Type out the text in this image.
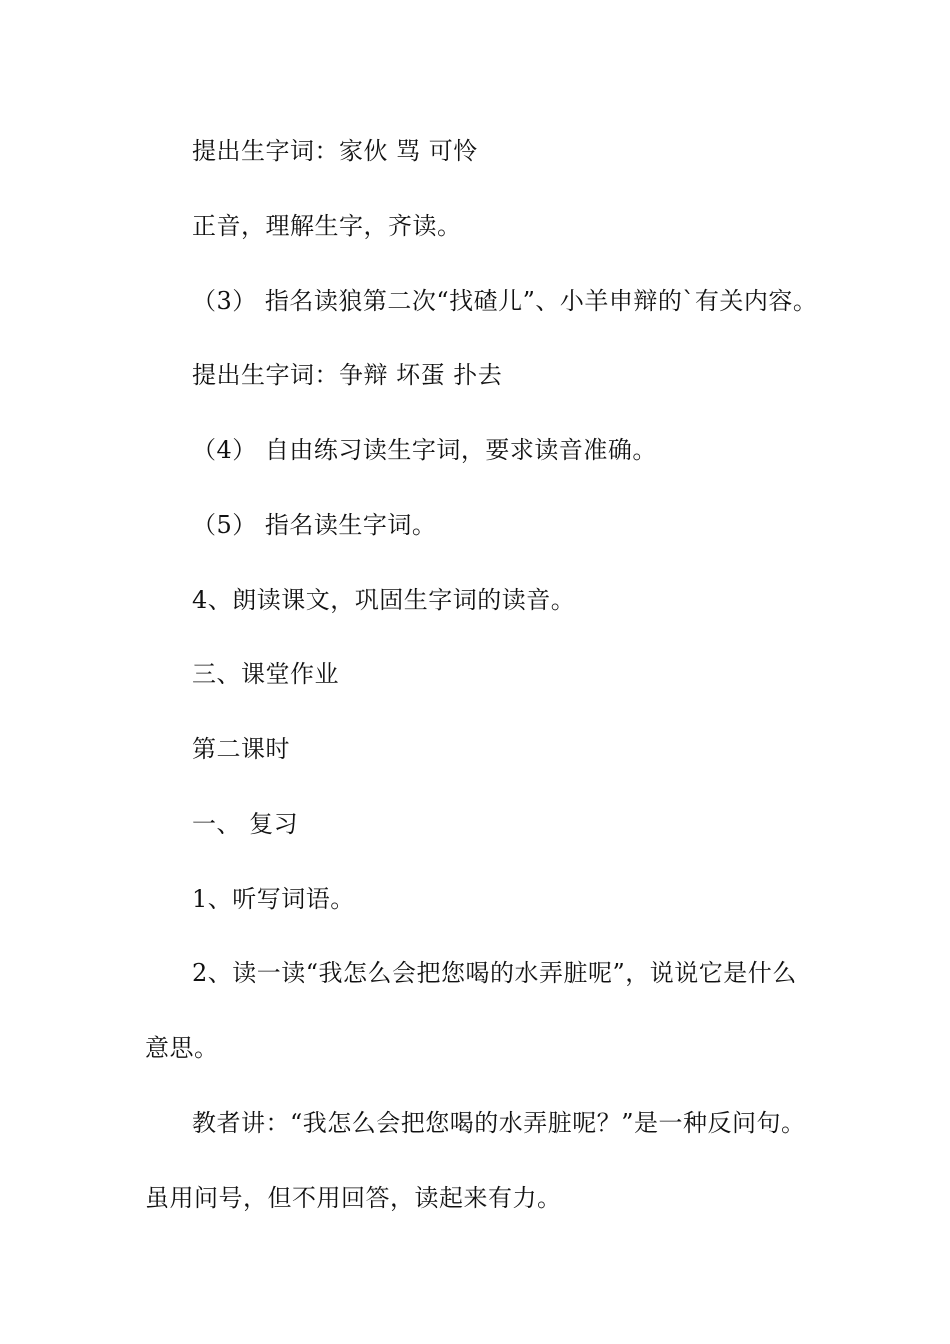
提出生字词：家伙 骂 可怜
正音，理解生字，齐读。
（3） 指名读狼第二次“找碴儿”、小羊申辩的`有关内容。
提出生字词：争辩 坏蛋 扑去
（4） 自由练习读生字词，要求读音准确。
（5） 指名读生字词。
4、朗读课文，巩固生字词的读音。
三、课堂作业
第二课时
一、 复习
1、听写词语。
2、读一读“我怎么会把您喝的水弄脏呢”，说说它是什么
意思。
教者讲：“我怎么会把您喝的水弄脏呢？”是一种反问句。
虽用问号，但不用回答，读起来有力。
